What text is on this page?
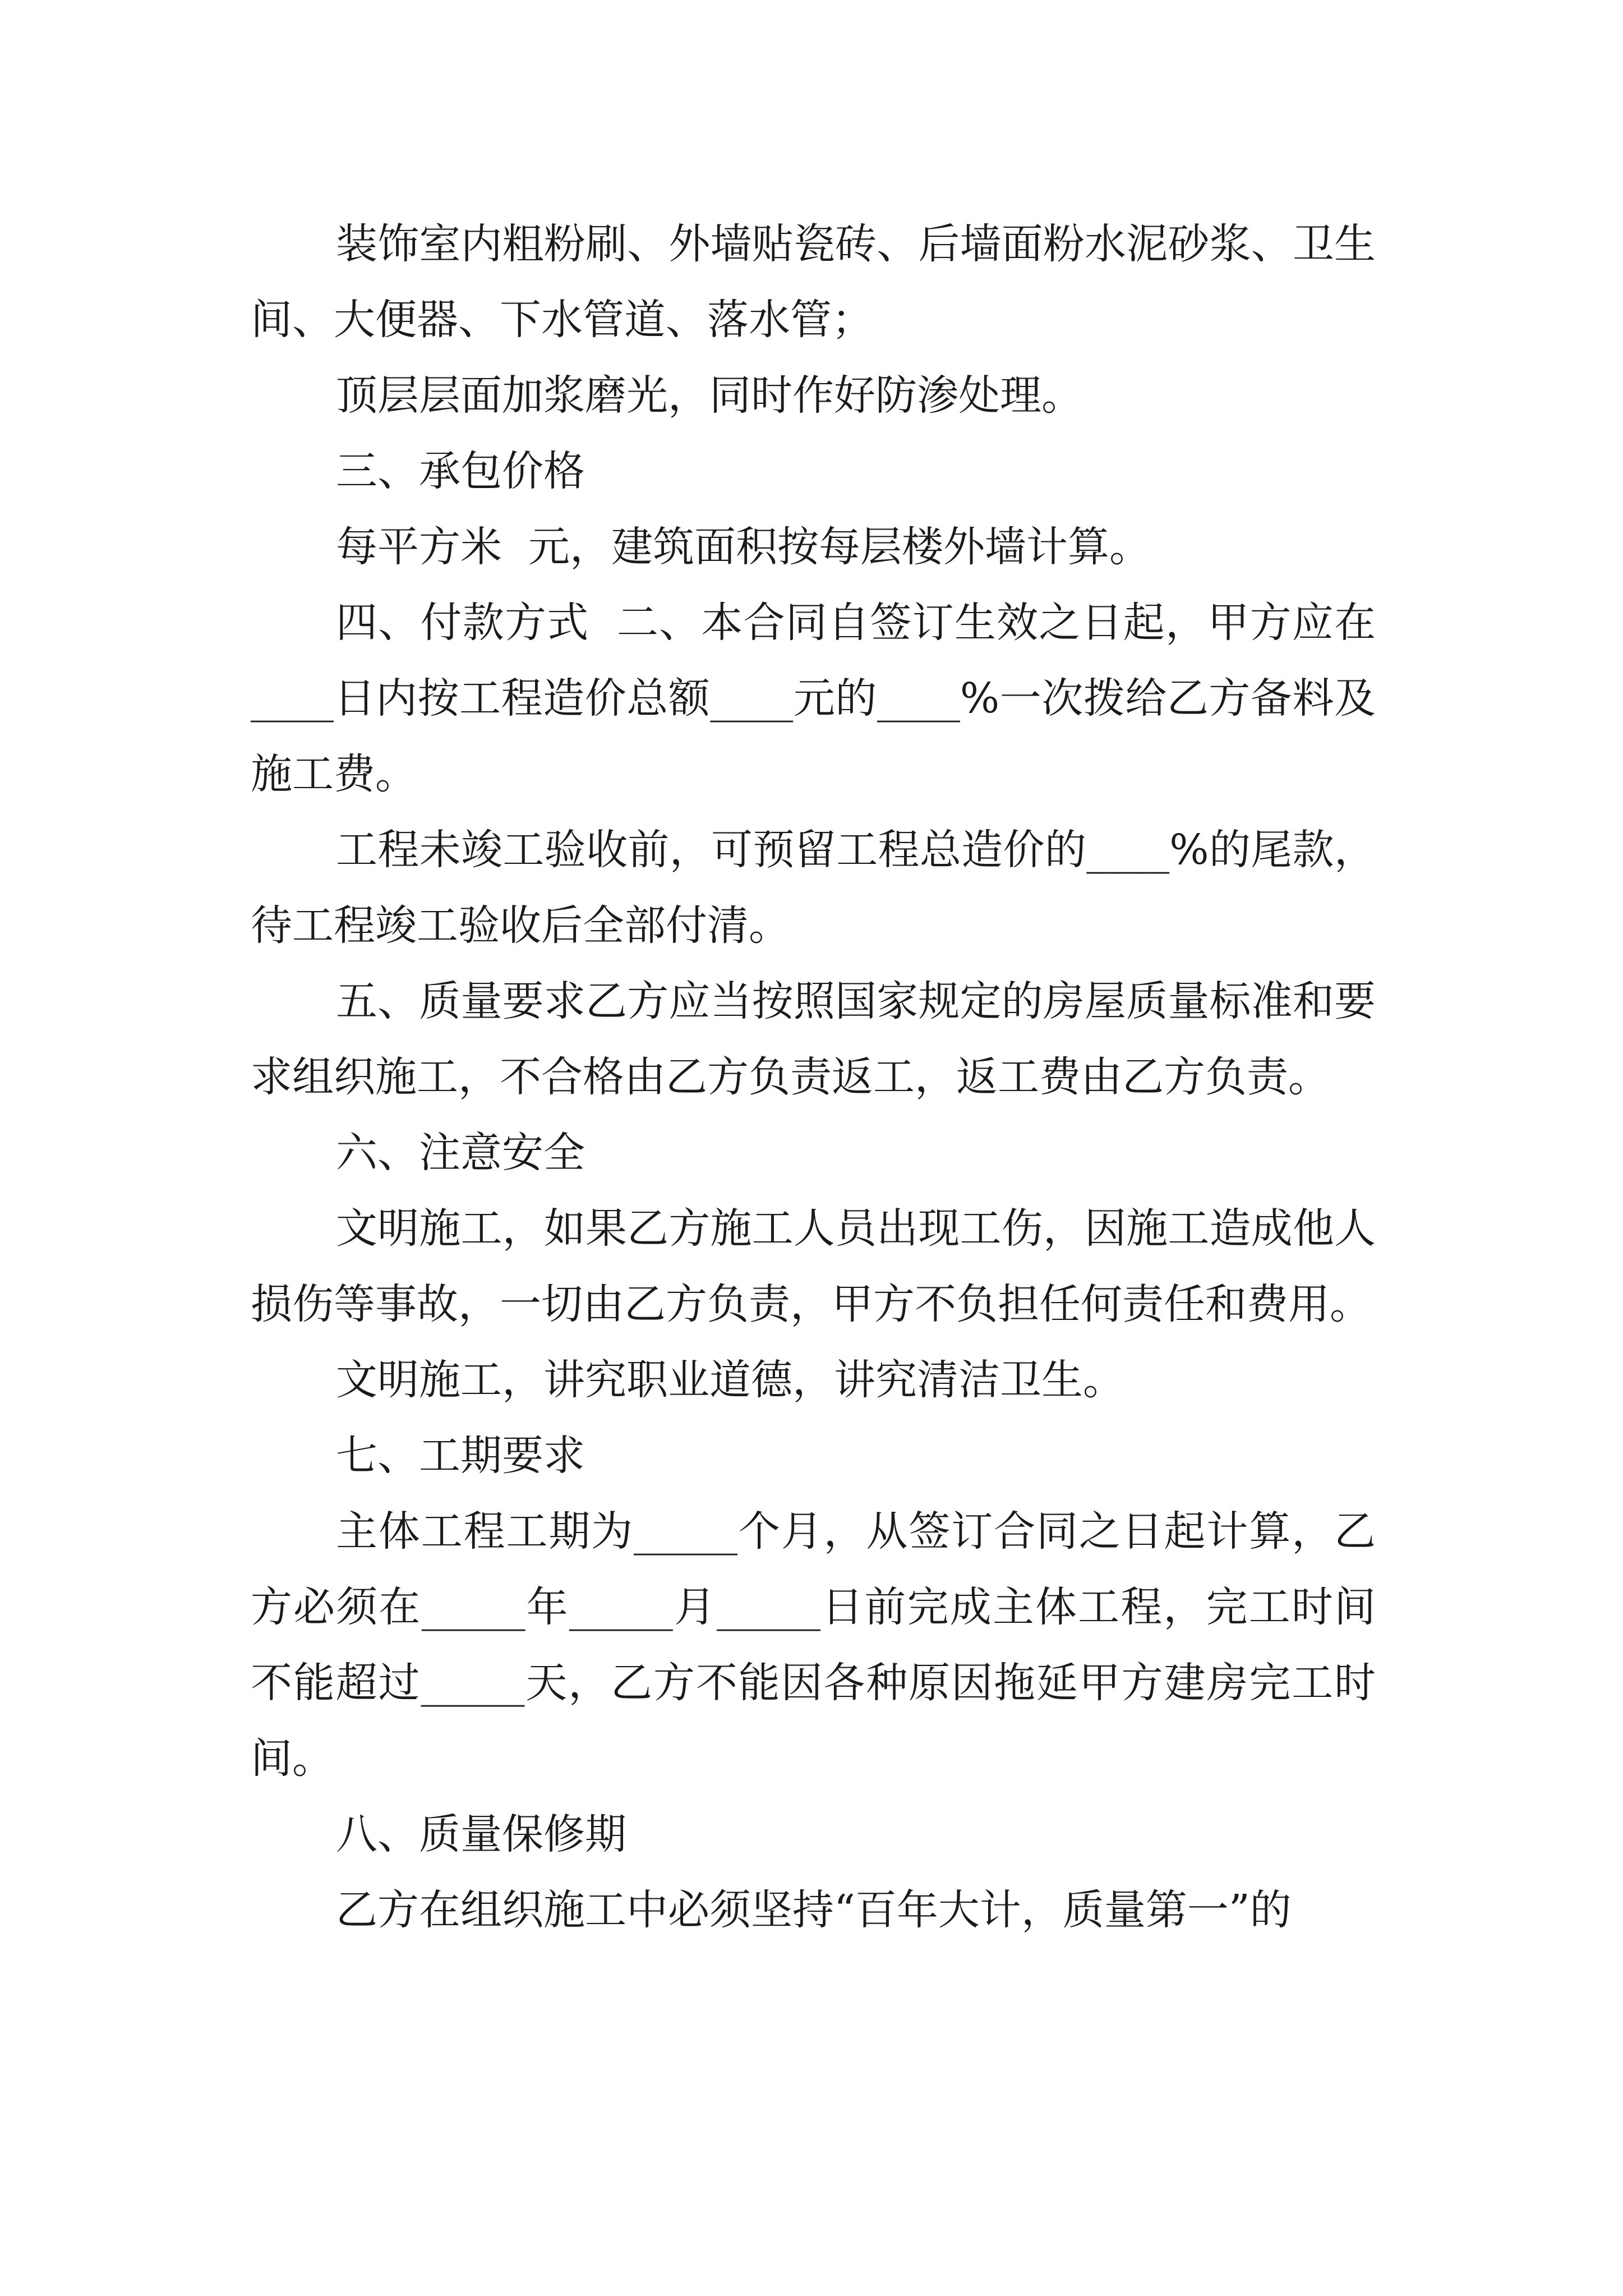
装饰室内粗粉刷、外墙贴瓷砖、后墙面粉水泥砂浆、卫生间、大便器、下水管道、落水管；

顶层层面加浆磨光，同时作好防渗处理。

三、承包价格

每平方米  元，建筑面积按每层楼外墙计算。

四、付款方式  二、本合同自签订生效之日起，甲方应在____日内按工程造价总额____元的____%一次拨给乙方备料及施工费。

工程未竣工验收前，可预留工程总造价的____%的尾款，待工程竣工验收后全部付清。

五、质量要求乙方应当按照国家规定的房屋质量标准和要求组织施工，不合格由乙方负责返工，返工费由乙方负责。

六、注意安全

文明施工，如果乙方施工人员出现工伤，因施工造成他人损伤等事故，一切由乙方负责，甲方不负担任何责任和费用。

文明施工，讲究职业道德，讲究清洁卫生。

七、工期要求

主体工程工期为_____个月，从签订合同之日起计算，乙方必须在_____年_____月_____日前完成主体工程，完工时间不能超过_____天，乙方不能因各种原因拖延甲方建房完工时间。

八、质量保修期

乙方在组织施工中必须坚持“百年大计，质量第一”的
